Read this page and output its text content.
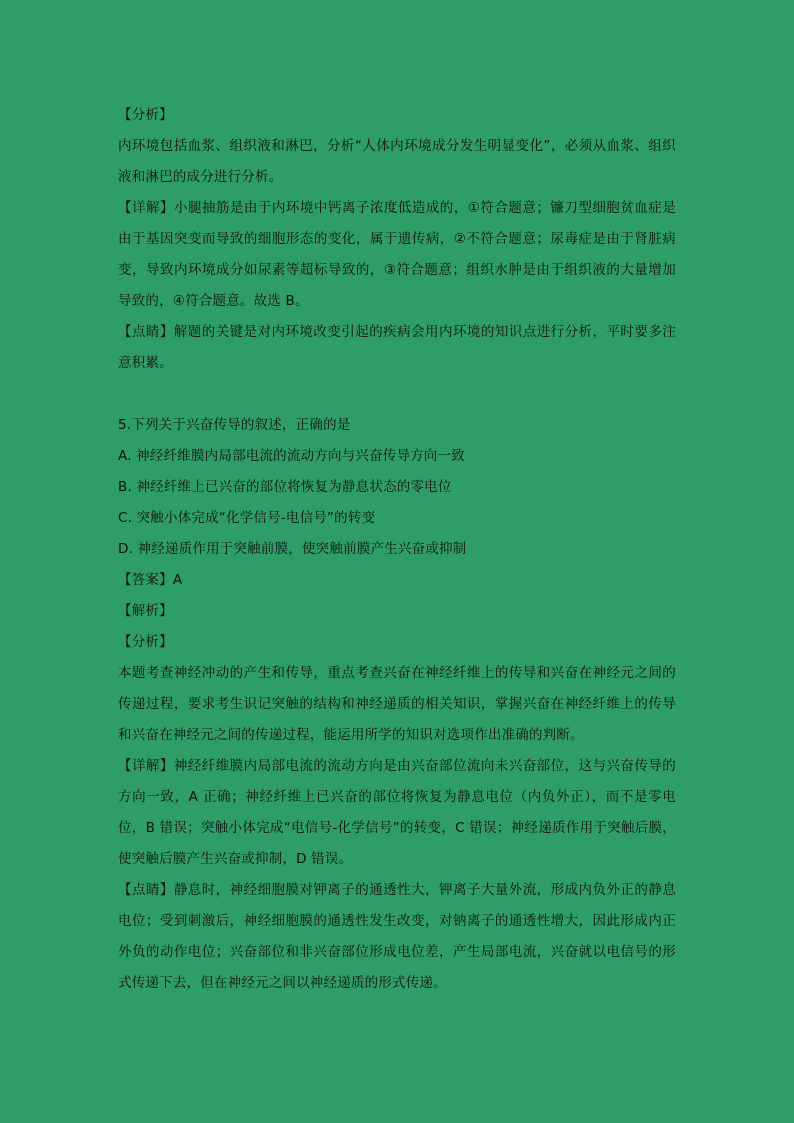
【分析】

内环境包括血浆、组织液和淋巴，分析“人体内环境成分发生明显变化”，必须从血浆、组织液和淋巴的成分进行分析。

【详解】小腿抽筋是由于内环境中钙离子浓度低造成的，①符合题意；镰刀型细胞贫血症是由于基因突变而导致的细胞形态的变化，属于遗传病，②不符合题意；尿毒症是由于肾脏病变，导致内环境成分如尿素等超标导致的，③符合题意；组织水肿是由于组织液的大量增加导致的，④符合题意。故选 B。

【点睛】解题的关键是对内环境改变引起的疾病会用内环境的知识点进行分析，平时要多注意积累。

5.下列关于兴奋传导的叙述，正确的是

A. 神经纤维膜内局部电流的流动方向与兴奋传导方向一致

B. 神经纤维上已兴奋的部位将恢复为静息状态的零电位

C. 突触小体完成“化学信号-电信号”的转变

D. 神经递质作用于突触前膜，使突触前膜产生兴奋或抑制

【答案】A

【解析】

【分析】

本题考查神经冲动的产生和传导，重点考查兴奋在神经纤维上的传导和兴奋在神经元之间的传递过程，要求考生识记突触的结构和神经递质的相关知识，掌握兴奋在神经纤维上的传导和兴奋在神经元之间的传递过程，能运用所学的知识对选项作出准确的判断。

【详解】神经纤维膜内局部电流的流动方向是由兴奋部位流向未兴奋部位，这与兴奋传导的方向一致，A 正确；神经纤维上已兴奋的部位将恢复为静息电位（内负外正），而不是零电位，B 错误；突触小体完成“电信号-化学信号”的转变，C 错误；神经递质作用于突触后膜，使突触后膜产生兴奋或抑制，D 错误。

【点睛】静息时，神经细胞膜对钾离子的通透性大，钾离子大量外流，形成内负外正的静息电位；受到刺激后，神经细胞膜的通透性发生改变，对钠离子的通透性增大，因此形成内正外负的动作电位；兴奋部位和非兴奋部位形成电位差，产生局部电流，兴奋就以电信号的形式传递下去，但在神经元之间以神经递质的形式传递。
